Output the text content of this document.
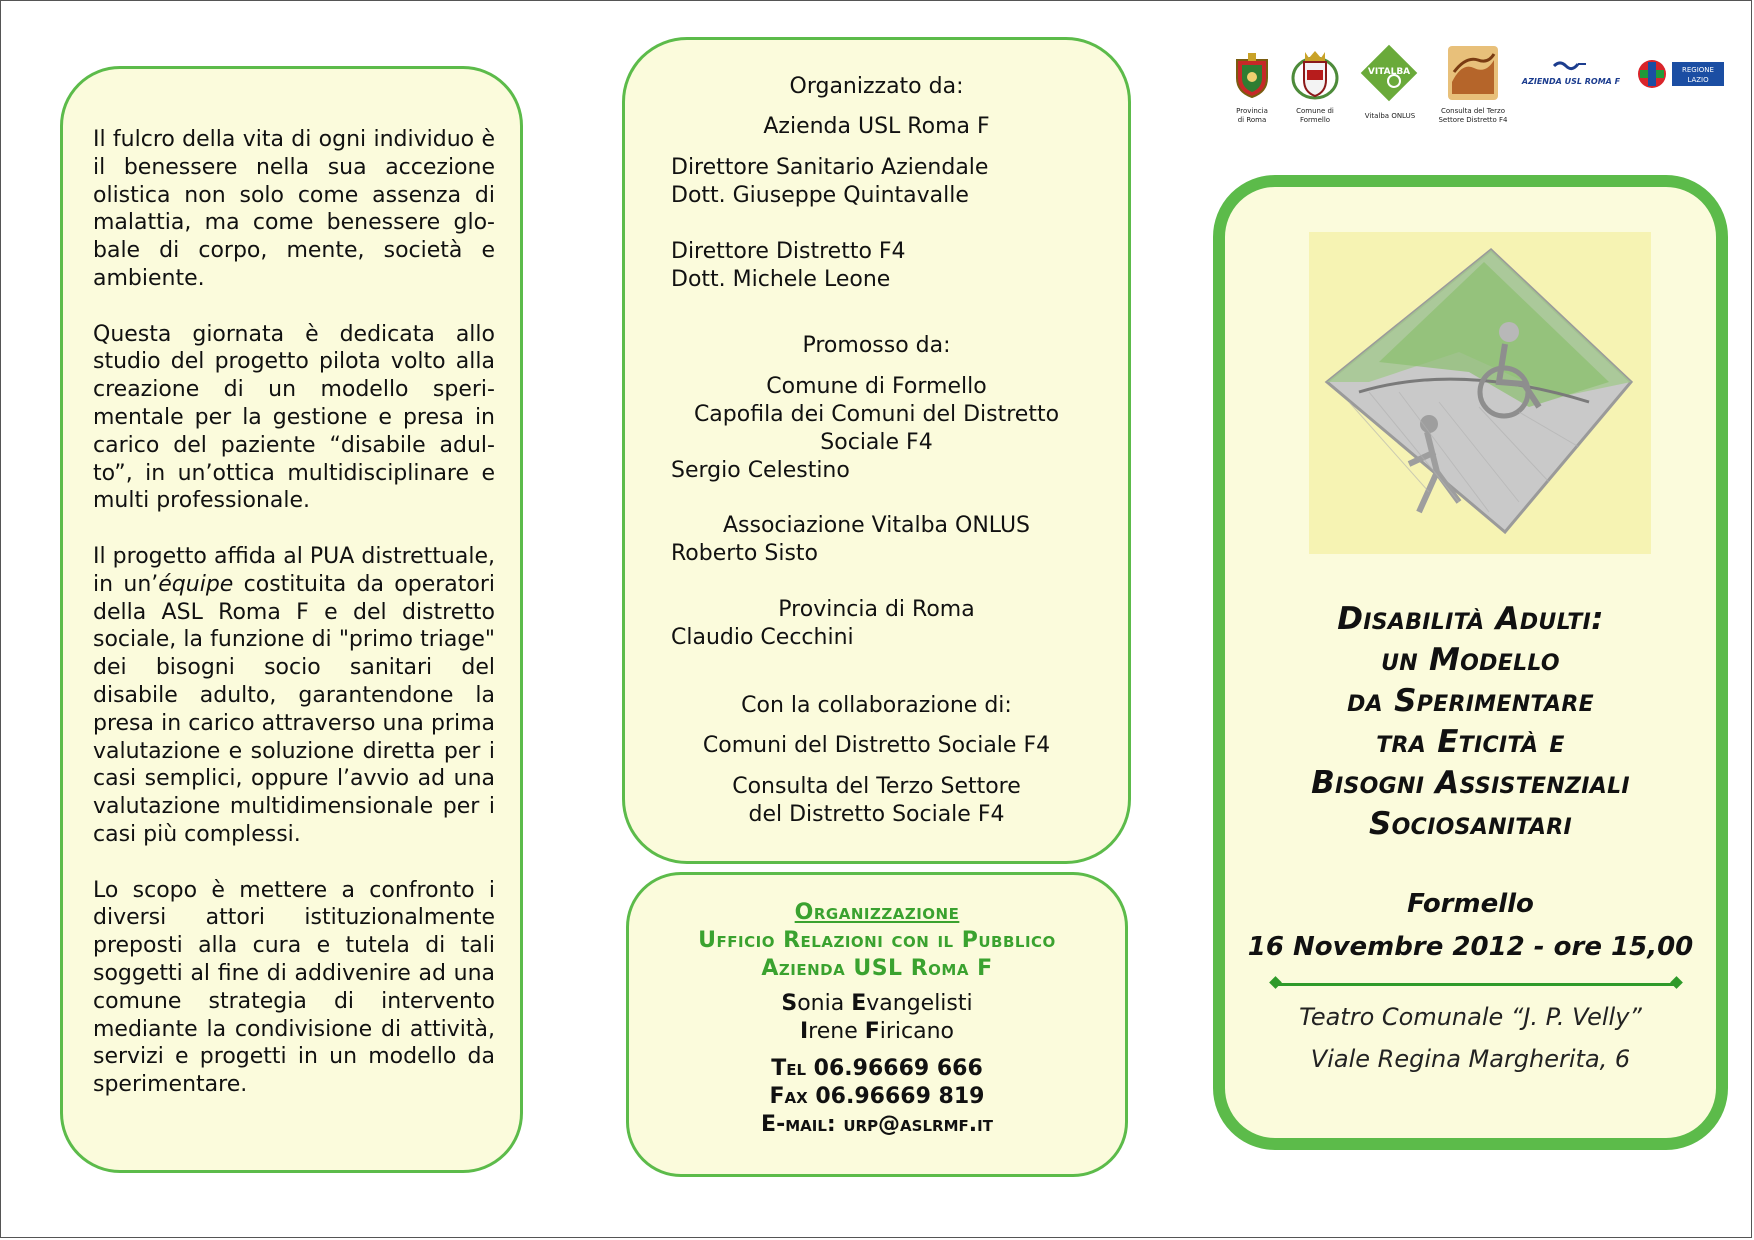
Provincia
di Roma
Comune di
Formello
VITALBA
Vitalba ONLUS
Consulta del Terzo
Settore Distretto F4
AZIENDA USL ROMA F
REGIONE
LAZIO

Il fulcro della vita di ogni individuo è il benessere nella sua accezione olistica non solo come assenza di malattia, ma come benessere globale di corpo, mente, società e ambiente.

Questa giornata è dedicata allo studio del progetto pilota volto alla creazione di un modello sperimentale per la gestione e presa in carico del paziente “disabile adulto”, in un’ottica multidisciplinare e multi professionale.

Il progetto affida al PUA distrettuale, in un’équipe costituita da operatori della ASL Roma F e del distretto sociale, la funzione di "primo triage" dei bisogni socio sanitari del disabile adulto, garantendone la presa in carico attraverso una prima valutazione e soluzione diretta per i casi semplici, oppure l’avvio ad una valutazione multidimensionale per i casi più complessi.

Lo scopo è mettere a confronto i diversi attori istituzionalmente preposti alla cura e tutela di tali soggetti al fine di addivenire ad una comune strategia di intervento mediante la condivisione di attività, servizi e progetti in un modello da sperimentare.

Organizzato da:
Azienda USL Roma F
Direttore Sanitario Aziendale
Dott. Giuseppe Quintavalle
Direttore Distretto F4
Dott. Michele Leone
Promosso da:
Comune di Formello
Capofila dei Comuni del Distretto
Sociale F4
Sergio Celestino
Associazione Vitalba ONLUS
Roberto Sisto
Provincia di Roma
Claudio Cecchini
Con la collaborazione di:
Comuni del Distretto Sociale F4
Consulta del Terzo Settore
del Distretto Sociale F4
Organizzazione
Ufficio Relazioni con il Pubblico
Azienda USL Roma F
Sonia Evangelisti
Irene Firicano
Tel 06.96669 666
Fax 06.96669 819
E-mail: urp@aslrmf.it
Disabilità Adulti:
un Modello
da Sperimentare
tra Eticità e
Bisogni Assistenziali
Sociosanitari
Formello
16 Novembre 2012 - ore 15,00
Teatro Comunale “J. P. Velly”
Viale Regina Margherita, 6
